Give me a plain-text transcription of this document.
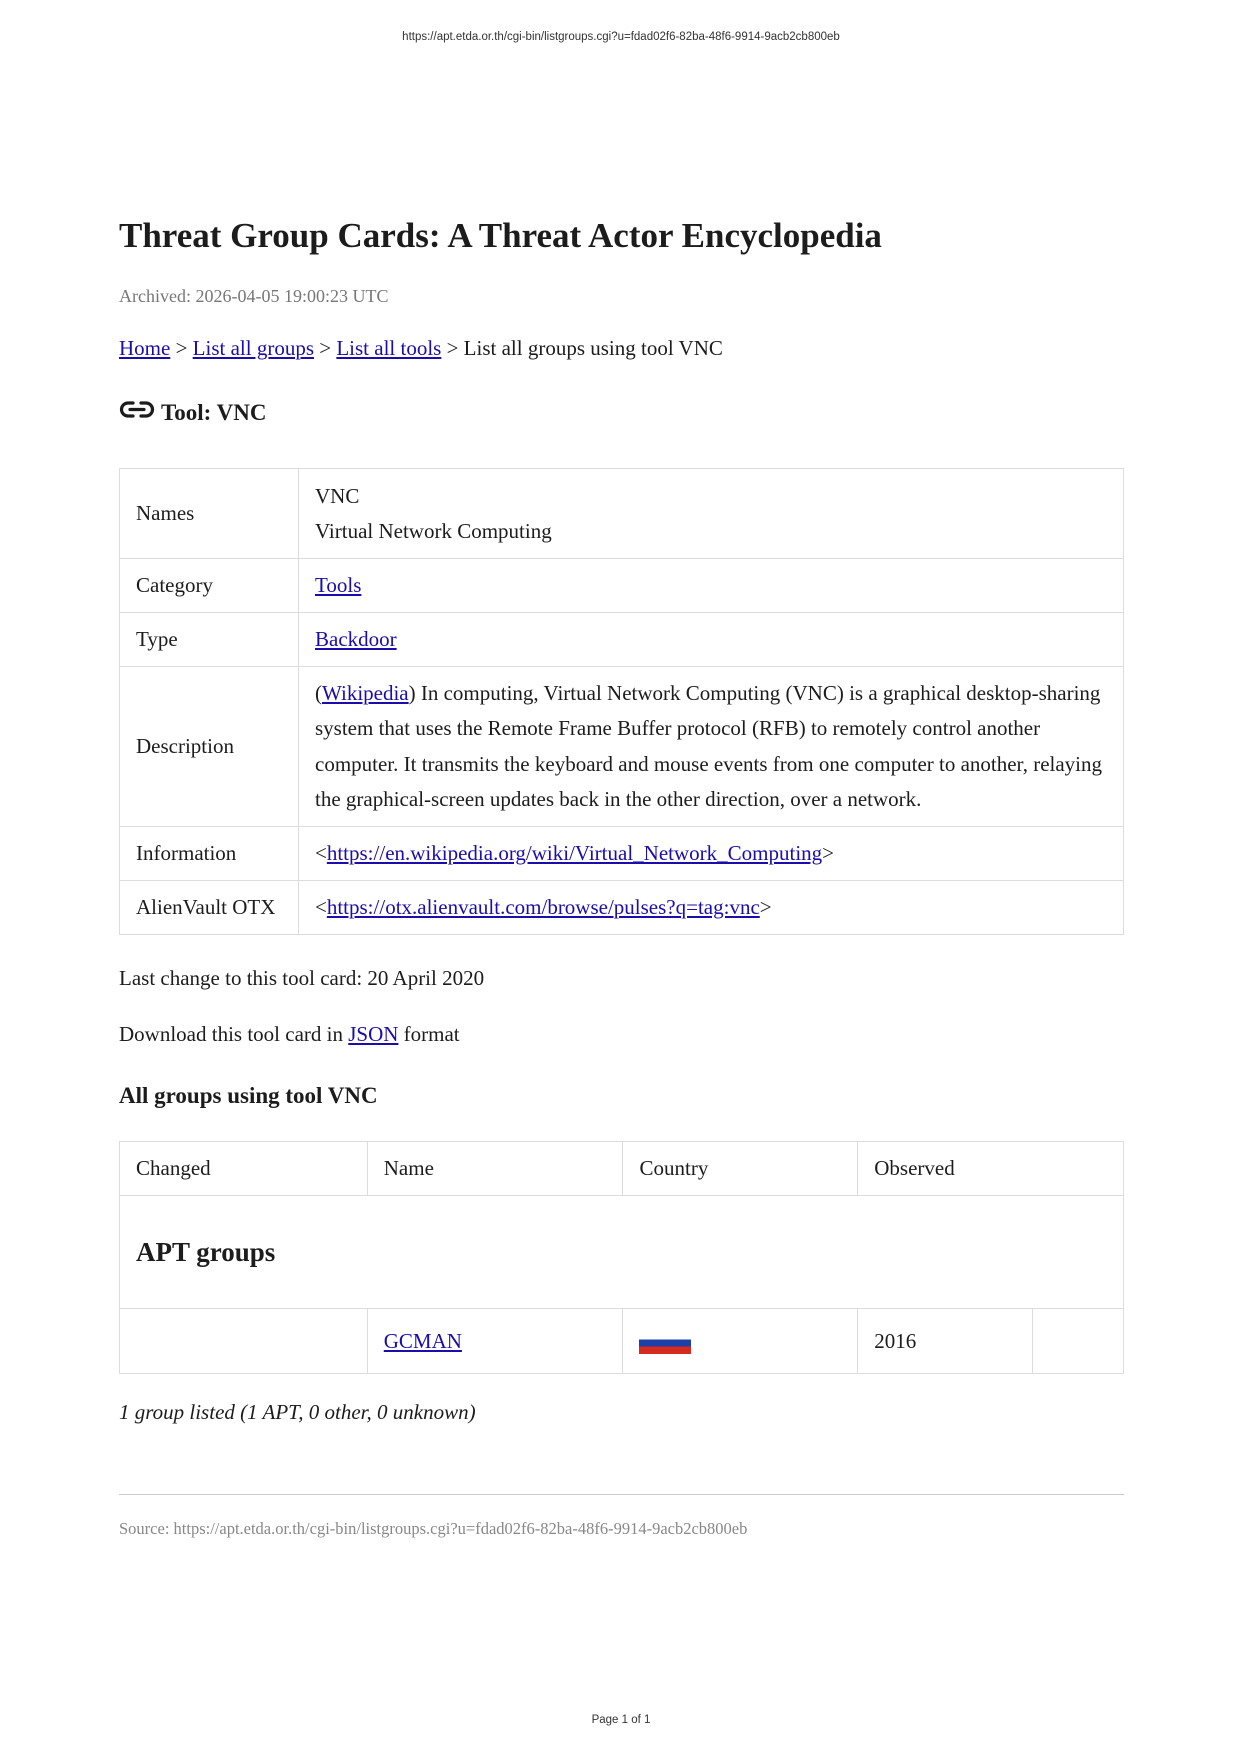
https://apt.etda.or.th/cgi-bin/listgroups.cgi?u=fdad02f6-82ba-48f6-9914-9acb2cb800eb
Threat Group Cards: A Threat Actor Encyclopedia
Archived: 2026-04-05 19:00:23 UTC
Home > List all groups > List all tools > List all groups using tool VNC
Tool: VNC
Names	VNC
Virtual Network Computing

Category	Tools
Type	Backdoor
Description	(Wikipedia) In computing, Virtual Network Computing (VNC) is a graphical desktop-sharing system that uses the Remote Frame Buffer protocol (RFB) to remotely control another computer. It transmits the keyboard and mouse events from one computer to another, relaying the graphical-screen updates back in the other direction, over a network.
Information	<https://en.wikipedia.org/wiki/Virtual_Network_Computing>
AlienVault OTX	<https://otx.alienvault.com/browse/pulses?q=tag:vnc>
Last change to this tool card: 20 April 2020
Download this tool card in JSON format
All groups using tool VNC
Changed	Name	Country	Observed	
APT groups				
	GCMAN		2016	
1 group listed (1 APT, 0 other, 0 unknown)
Source: https://apt.etda.or.th/cgi-bin/listgroups.cgi?u=fdad02f6-82ba-48f6-9914-9acb2cb800eb
Page 1 of 1
